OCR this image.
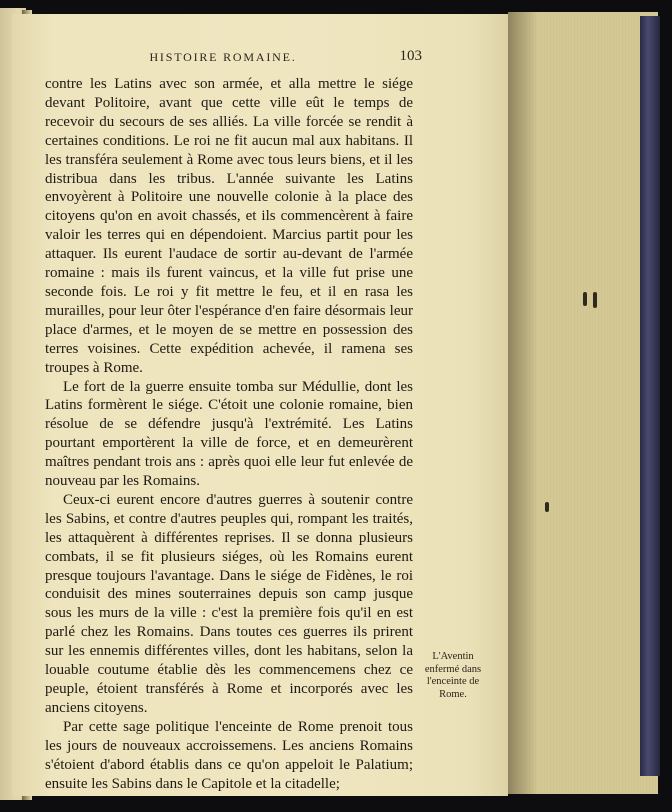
HISTOIRE ROMAINE.	103

contre les Latins avec son armée, et alla mettre le siége devant Politoire, avant que cette ville eût le temps de recevoir du secours de ses alliés. La ville forcée se rendit à certaines conditions. Le roi ne fit aucun mal aux habitans. Il les transféra seulement à Rome avec tous leurs biens, et il les distribua dans les tribus. L'année suivante les Latins envoyèrent à Politoire une nouvelle colonie à la place des citoyens qu'on en avoit chassés, et ils commencèrent à faire valoir les terres qui en dépendoient. Marcius partit pour les attaquer. Ils eurent l'audace de sortir au-devant de l'armée romaine : mais ils furent vaincus, et la ville fut prise une seconde fois. Le roi y fit mettre le feu, et il en rasa les murailles, pour leur ôter l'espérance d'en faire désormais leur place d'armes, et le moyen de se mettre en possession des terres voisines. Cette expédition achevée, il ramena ses troupes à Rome.

Le fort de la guerre ensuite tomba sur Médullie, dont les Latins formèrent le siége. C'étoit une colonie romaine, bien résolue de se défendre jusqu'à l'extrémité. Les Latins pourtant emportèrent la ville de force, et en demeurèrent maîtres pendant trois ans : après quoi elle leur fut enlevée de nouveau par les Romains.

Ceux-ci eurent encore d'autres guerres à soutenir contre les Sabins, et contre d'autres peuples qui, rompant les traités, les attaquèrent à différentes reprises. Il se donna plusieurs combats, il se fit plusieurs siéges, où les Romains eurent presque toujours l'avantage. Dans le siége de Fidènes, le roi conduisit des mines souterraines depuis son camp jusque sous les murs de la ville : c'est la première fois qu'il en est parlé chez les Romains. Dans toutes ces guerres ils prirent sur les ennemis différentes villes, dont les habitans, selon la louable coutume établie dès les commencemens chez ce peuple, étoient transférés à Rome et incorporés avec les anciens citoyens.

Par cette sage politique l'enceinte de Rome prenoit tous les jours de nouveaux accroissemens. Les anciens Romains s'étoient d'abord établis dans ce qu'on appeloit le Palatium; ensuite les Sabins dans le Capitole et la citadelle;

L'Aventin enfermé dans l'enceinte de Rome.
